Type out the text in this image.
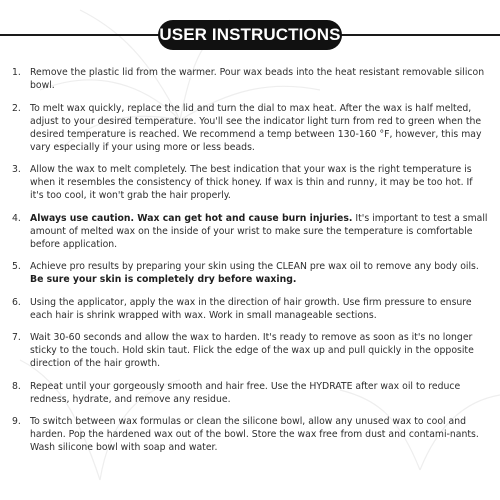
USER INSTRUCTIONS
1. Remove the plastic lid from the warmer. Pour wax beads into the heat resistant removable silicon bowl.
2. To melt wax quickly, replace the lid and turn the dial to max heat. After the wax is half melted, adjust to your desired temperature. You'll see the indicator light turn from red to green when the desired temperature is reached. We recommend a temp between 130-160 °F, however, this may vary especially if your using more or less beads.
3. Allow the wax to melt completely. The best indication that your wax is the right temperature is when it resembles the consistency of thick honey. If wax is thin and runny, it may be too hot. If it's too cool, it won't grab the hair properly.
4. Always use caution. Wax can get hot and cause burn injuries. It's important to test a small amount of melted wax on the inside of your wrist to make sure the temperature is comfortable before application.
5. Achieve pro results by preparing your skin using the CLEAN pre wax oil to remove any body oils. Be sure your skin is completely dry before waxing.
6. Using the applicator, apply the wax in the direction of hair growth. Use firm pressure to ensure each hair is shrink wrapped with wax. Work in small manageable sections.
7. Wait 30-60 seconds and allow the wax to harden. It's ready to remove as soon as it's no longer sticky to the touch. Hold skin taut. Flick the edge of the wax up and pull quickly in the opposite direction of the hair growth.
8. Repeat until your gorgeously smooth and hair free. Use the HYDRATE after wax oil to reduce redness, hydrate, and remove any residue.
9. To switch between wax formulas or clean the silicone bowl, allow any unused wax to cool and harden. Pop the hardened wax out of the bowl. Store the wax free from dust and contami-nants. Wash silicone bowl with soap and water.
